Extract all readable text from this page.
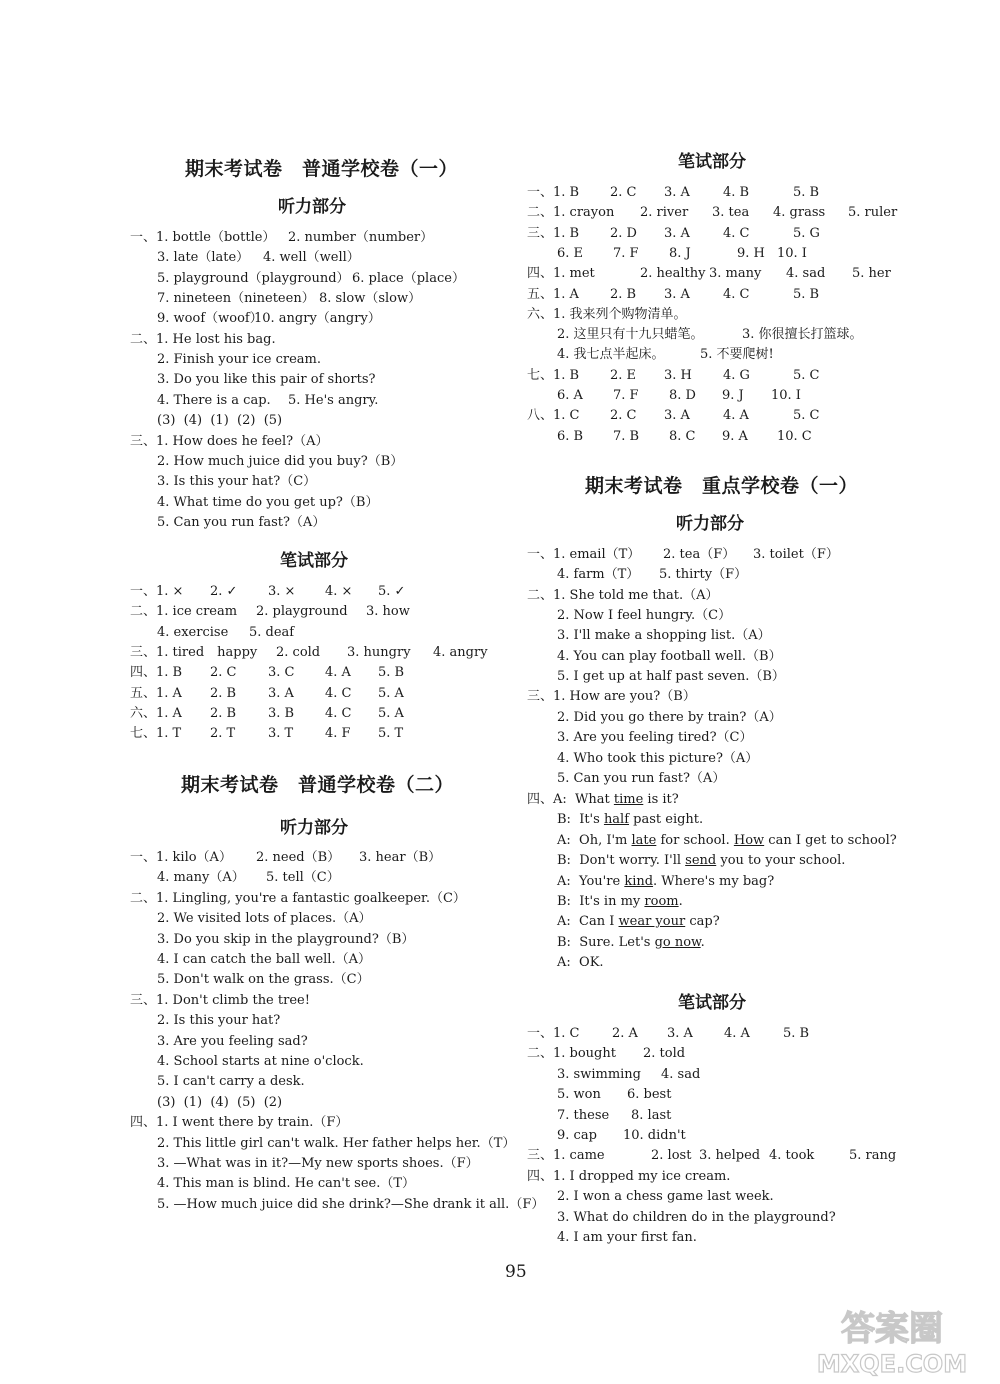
期末考试卷　普通学校卷（一）
听力部分
一、1. bottle（bottle） 2. number（number）
3. late（late） 4. well（well）
5. playground（playground） 6. place（place）
7. nineteen（nineteen） 8. slow（slow）
9. woof（woof）
10. angry（angry）
二、1. He lost his bag.
2. Finish your ice cream.
3. Do you like this pair of shorts?
4. There is a cap. 5. He's angry.
(3)  (4)  (1)  (2)  (5)
三、1. How does he feel?（A）
2. How much juice did you buy?（B）
3. Is this your hat?（C）
4. What time do you get up?（B）
5. Can you run fast?（A）
笔试部分
一、1. × 2. ✓ 3. × 4. × 5. ✓
二、1. ice cream 2. playground 3. how
4. exercise 5. deaf
三、1. tired　happy 2. cold 3. hungry 4. angry
四、1. B 2. C 3. C 4. A 5. B
五、1. A 2. B 3. A 4. C 5. A
六、1. A 2. B 3. B 4. C 5. A
七、1. T 2. T	3. T 4. F 5. T
期末考试卷　普通学校卷（二）
听力部分
一、1. kilo（A） 2. need（B） 3. hear（B）
4. many（A） 5. tell（C）
二、1. Lingling, you're a fantastic goalkeeper.（C）
2. We visited lots of places.（A）
3. Do you skip in the playground?（B）
4. I can catch the ball well.（A）
5. Don't walk on the grass.（C）
三、1. Don't climb the tree!
2. Is this your hat?
3. Are you feeling sad?
4. School starts at nine o'clock.
5. I can't carry a desk.
(3)  (1)  (4)  (5)  (2)
四、1. I went there by train.（F）
2. This little girl can't walk. Her father helps her.（T）
3. —What was in it?—My new sports shoes.（F）
4. This man is blind. He can't see.（T）
5. —How much juice did she drink?—She drank it all.（F）
笔试部分
一、1. B 2. C 3. A	4. B	5. B
二、1. crayon 2. river 3. tea 4. grass 5. ruler
三、1. B 2. D 3. A	4. C	5. G
6. E 7. F 8. J	9. H 10. I
四、1. met	2. healthy 3. many 4. sad 5. her
五、1. A 2. B 3. A	4. C	5. B
六、1. 我来列个购物清单。
2. 这里只有十九只蜡笔。	3. 你很擅长打篮球。
4. 我七点半起床。	5. 不要爬树!
七、1. B 2. E 3. H 4. G	5. C
6. A 7. F 8. D 9. J 10. I
八、1. C 2. C 3. A	4. A	5. C
6. B 7. B 8. C 9. A 10. C
期末考试卷　重点学校卷（一）
听力部分
一、1. email（T） 2. tea（F） 3. toilet（F）
4. farm（T） 5. thirty（F）
二、1. She told me that.（A）
2. Now I feel hungry.（C）
3. I'll make a shopping list.（A）
4. You can play football well.（B）
5. I get up at half past seven.（B）
三、1. How are you?（B）
2. Did you go there by train?（A）
3. Are you feeling tired?（C）
4. Who took this picture?（A）
5. Can you run fast?（A）
四、A:  What time is it?
B:  It's half past eight.
A:  Oh, I'm late for school. How can I get to school?
B:  Don't worry. I'll send you to your school.
A:  You're kind. Where's my bag?
B:  It's in my room.
A:  Can I wear your cap?
B:  Sure. Let's go now.
A:  OK.
笔试部分
一、1. C	2. A 3. A 4. A	5. B
二、1. bought 2. told
3. swimming 4. sad
5. won 6. best
7. these 8. last
9. cap 10. didn't
三、1. came	2. lost 3. helped 4. took	5. rang
四、1. I dropped my ice cream.
2. I won a chess game last week.
3. What do children do in the playground?
4. I am your first fan.
95
答案圈
MXQE.COM
